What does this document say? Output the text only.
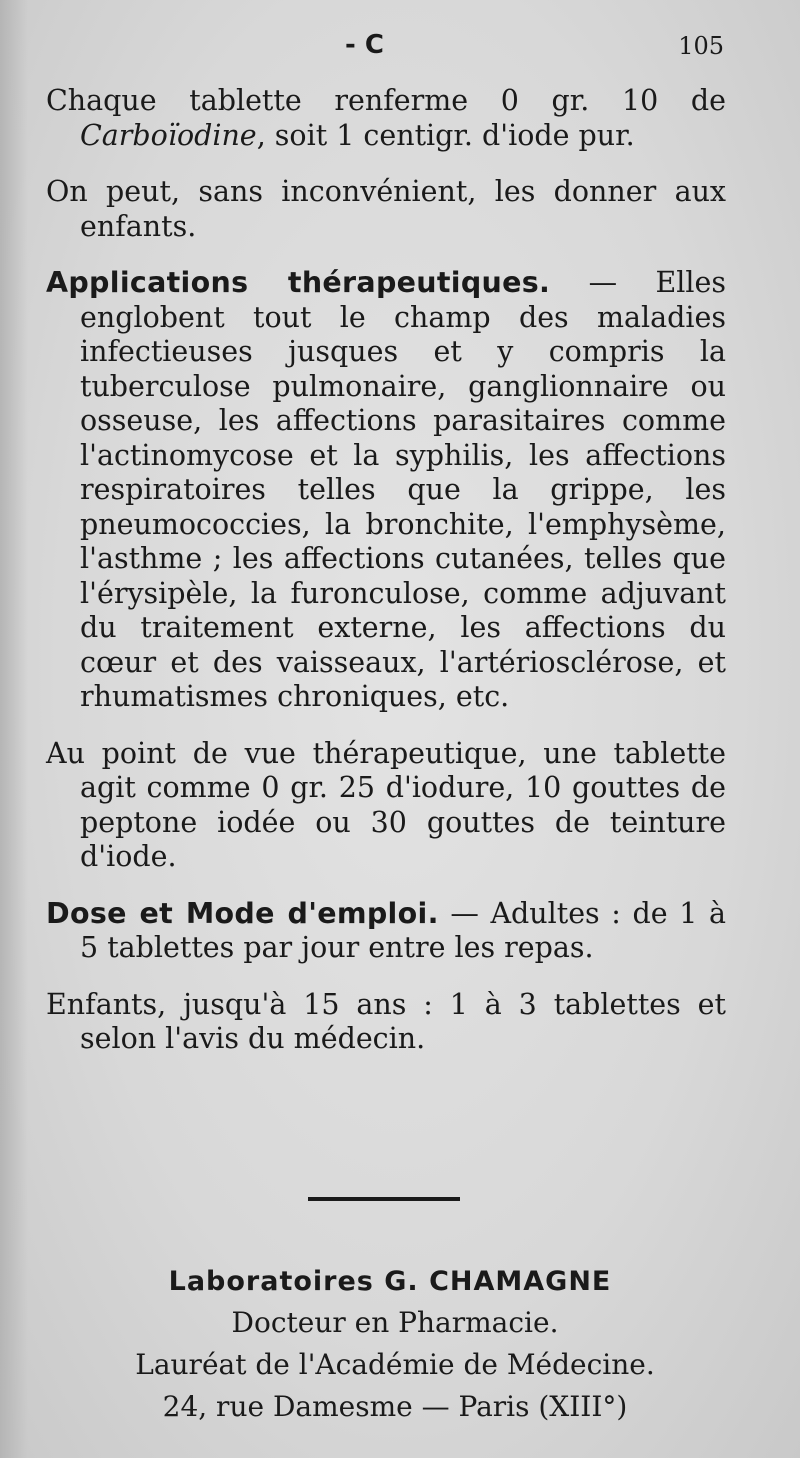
- C	105

Chaque tablette renferme 0 gr. 10 de Carboïodine, soit 1 centigr. d'iode pur.

On peut, sans inconvénient, les donner aux enfants.

Applications thérapeutiques. — Elles englobent tout le champ des maladies infectieuses jusques et y compris la tuberculose pulmonaire, ganglionnaire ou osseuse, les affections parasitaires comme l'actinomycose et la syphilis, les affections respiratoires telles que la grippe, les pneumococcies, la bronchite, l'emphysème, l'asthme ; les affections cutanées, telles que l'érysipèle, la furonculose, comme adjuvant du traitement externe, les affections du cœur et des vaisseaux, l'artériosclérose, et rhumatismes chroniques, etc.

Au point de vue thérapeutique, une tablette agit comme 0 gr. 25 d'iodure, 10 gouttes de peptone iodée ou 30 gouttes de teinture d'iode.

Dose et Mode d'emploi. — Adultes : de 1 à 5 tablettes par jour entre les repas.

Enfants, jusqu'à 15 ans : 1 à 3 tablettes et selon l'avis du médecin.

Laboratoires G. CHAMAGNE
Docteur en Pharmacie.
Lauréat de l'Académie de Médecine.
24, rue Damesme — Paris (XIII°)
